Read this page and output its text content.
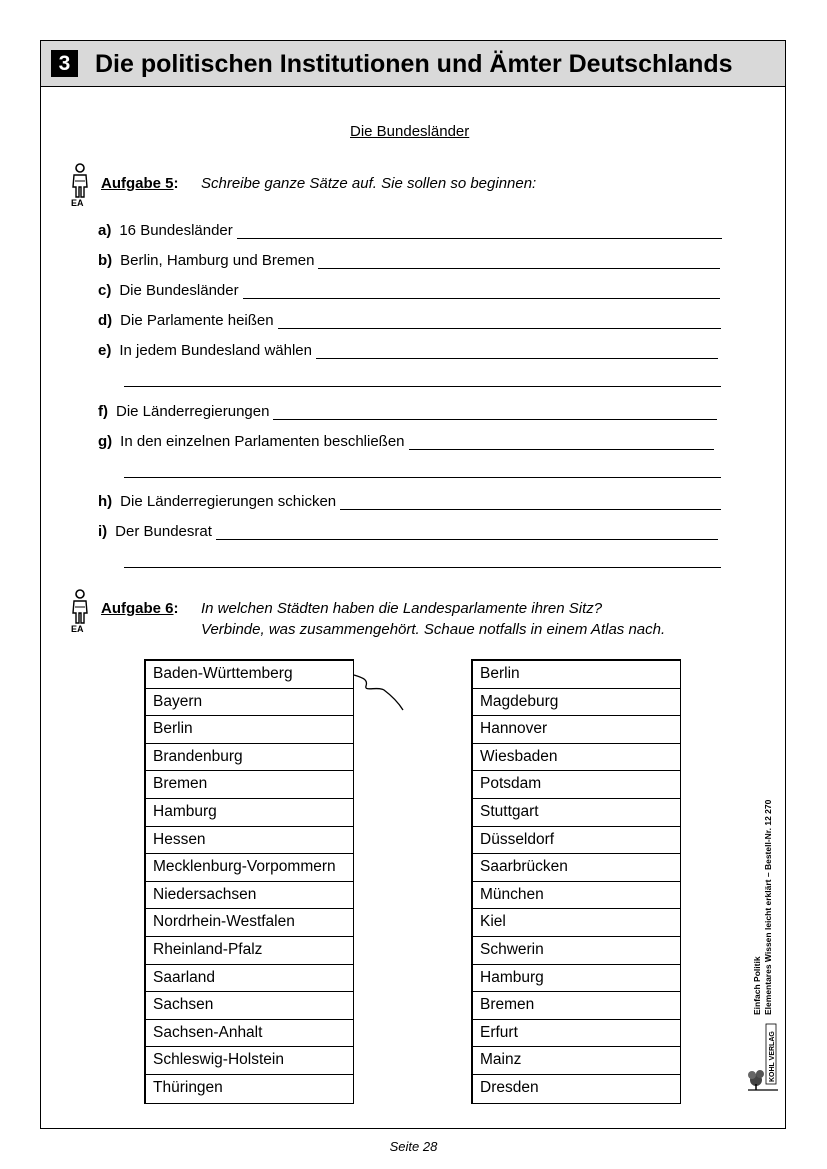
3 Die politischen Institutionen und Ämter Deutschlands
Die Bundesländer
EA
Aufgabe 5: Schreibe ganze Sätze auf. Sie sollen so beginnen:
a) 16 Bundesländer
b) Berlin, Hamburg und Bremen
c) Die Bundesländer
d) Die Parlamente heißen
e) In jedem Bundesland wählen
f) Die Länderregierungen
g) In den einzelnen Parlamenten beschließen
h) Die Länderregierungen schicken
i) Der Bundesrat
EA
Aufgabe 6: In welchen Städten haben die Landesparlamente ihren Sitz?
Verbinde, was zusammengehört. Schaue notfalls in einem Atlas nach.
Baden-Württemberg
Bayern
Berlin
Brandenburg
Bremen
Hamburg
Hessen
Mecklenburg-Vorpommern
Niedersachsen
Nordrhein-Westfalen
Rheinland-Pfalz
Saarland
Sachsen
Sachsen-Anhalt
Schleswig-Holstein
Thüringen
Berlin
Magdeburg
Hannover
Wiesbaden
Potsdam
Stuttgart
Düsseldorf
Saarbrücken
München
Kiel
Schwerin
Hamburg
Bremen
Erfurt
Mainz
Dresden
Einfach Politik Elementares Wissen leicht erklärt – Bestell-Nr. 12 270
KOHL VERLAG
Seite 28
